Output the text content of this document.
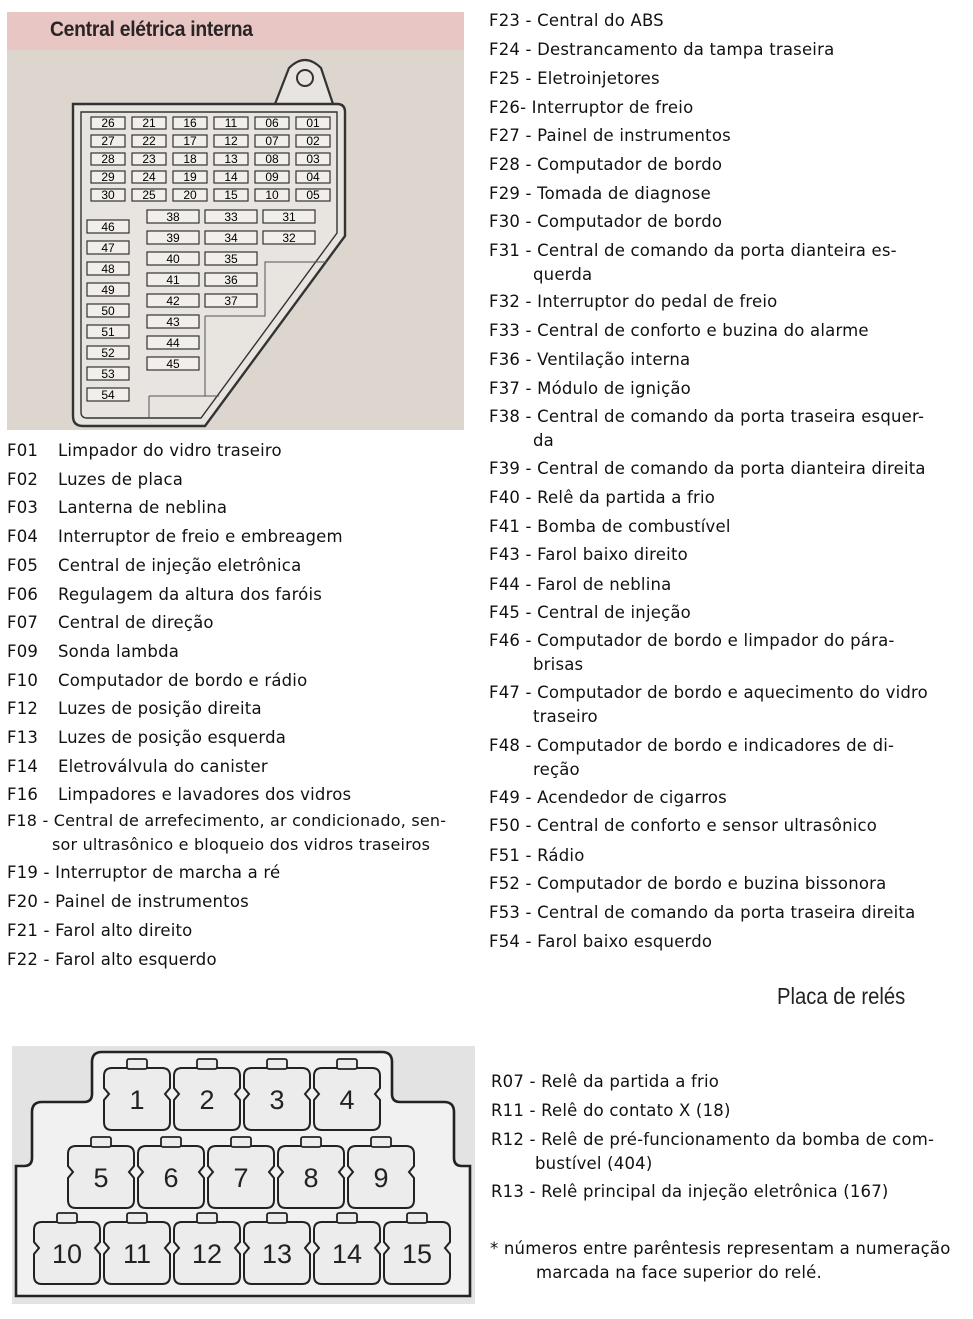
Central elétrica interna
26 21 16 11 06 01
27 22 17 12 07 02
28 23 18 13 08 03
29 24 19 14 09 04
30 25 20 15 10 05
46
47
48
49
50
51
52
53
54
38
39
40
41
42
43
44
45
33
34
35
36
37
31
32
F01 Limpador do vidro traseiro
F02 Luzes de placa
F03 Lanterna de neblina
F04 Interruptor de freio e embreagem
F05 Central de injeção eletrônica
F06 Regulagem da altura dos faróis
F07 Central de direção
F09 Sonda lambda
F10 Computador de bordo e rádio
F12 Luzes de posição direita
F13 Luzes de posição esquerda
F14 Eletroválvula do canister
F16 Limpadores e lavadores dos vidros
F18 - Central de arrefecimento, ar condicionado, sen-
sor ultrasônico e bloqueio dos vidros traseiros
F19 - Interruptor de marcha a ré
F20 - Painel de instrumentos
F21 - Farol alto direito
F22 - Farol alto esquerdo
F23 - Central do ABS
F24 - Destrancamento da tampa traseira
F25 - Eletroinjetores
F26- Interruptor de freio
F27 - Painel de instrumentos
F28 - Computador de bordo
F29 - Tomada de diagnose
F30 - Computador de bordo
F31 - Central de comando da porta dianteira es-
querda
F32 - Interruptor do pedal de freio
F33 - Central de conforto e buzina do alarme
F36 - Ventilação interna
F37 - Módulo de ignição
F38 - Central de comando da porta traseira esquer-
da
F39 - Central de comando da porta dianteira direita
F40 - Relê da partida a frio
F41 - Bomba de combustível
F43 - Farol baixo direito
F44 - Farol de neblina
F45 - Central de injeção
F46 - Computador de bordo e limpador do pára-
brisas
F47 - Computador de bordo e aquecimento do vidro
traseiro
F48 - Computador de bordo e indicadores de di-
reção
F49 - Acendedor de cigarros
F50 - Central de conforto e sensor ultrasônico
F51 - Rádio
F52 - Computador de bordo e buzina bissonora
F53 - Central de comando da porta traseira direita
F54 - Farol baixo esquerdo
Placa de relés
1 2 3 4
5 6 7 8 9
10 11 12 13 14 15
R07 - Relê da partida a frio
R11 - Relê do contato X (18)
R12 - Relê de pré-funcionamento da bomba de com-
bustível (404)
R13 - Relê principal da injeção eletrônica (167)
* números entre parêntesis representam a numeração
marcada na face superior do relé.
